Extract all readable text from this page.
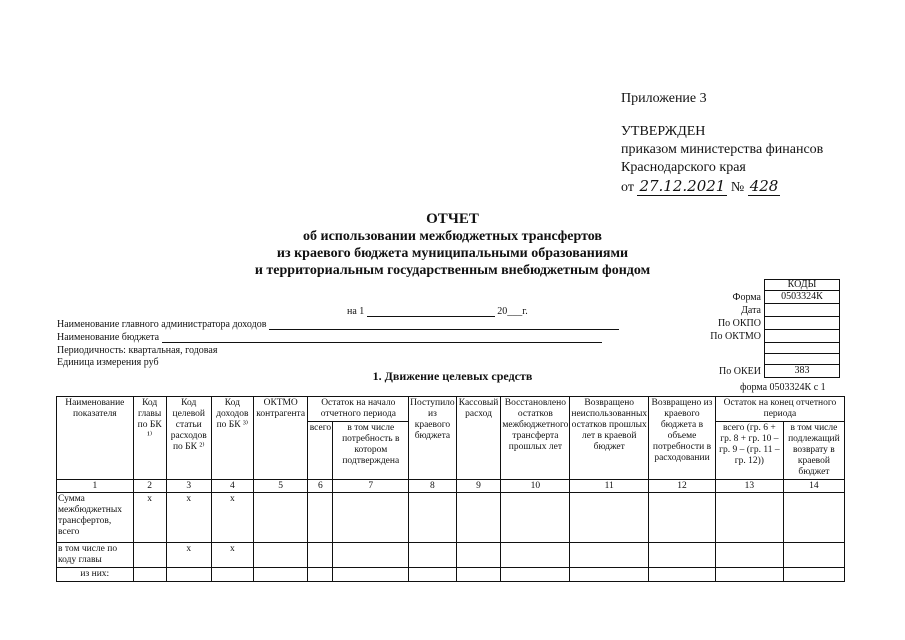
Приложение 3
УТВЕРЖДЕН
приказом министерства финансов
Краснодарского края
от 27.12.2021 № 428
ОТЧЕТ
об использовании межбюджетных трансфертов
из краевого бюджета муниципальными образованиями
и территориальным государственным внебюджетным фондом
	КОДЫ
Форма	0503324К
Дата	
По ОКПО	
По ОКТМО	

По ОКЕИ	383
на 1	20___г.
Наименование главного администратора доходов
Наименование бюджета
Периодичность: квартальная, годовая
Единица измерения руб
1. Движение целевых средств
форма 0503324К с 1
Наименование показателя	Код главы по БК ¹⁾	Код целевой статьи расходов по БК ²⁾	Код доходов по БК ³⁾	ОКТМО контрагента	Остаток на начало отчетного периода		Поступило из краевого бюджета	Кассовый расход	Восстановлено остатков межбюджетного трансферта прошлых лет	Возвращено неиспользованных остатков прошлых лет в краевой бюджет	Возвращено из краевого бюджета в объеме потребности в расходовании	Остаток на конец отчетного периода	
					всего	в том числе потребность в котором подтверждена						всего (гр. 6 + гр. 8 + гр. 10 – гр. 9 – (гр. 11 – гр. 12))	в том числе подлежащий возврату в краевой бюджет
1	2	3	4	5	6	7	8	9	10	11	12	13	14
Сумма межбюджетных трансфертов, всего	x	x	x										
в том числе по коду главы		x	x										
из них:													
